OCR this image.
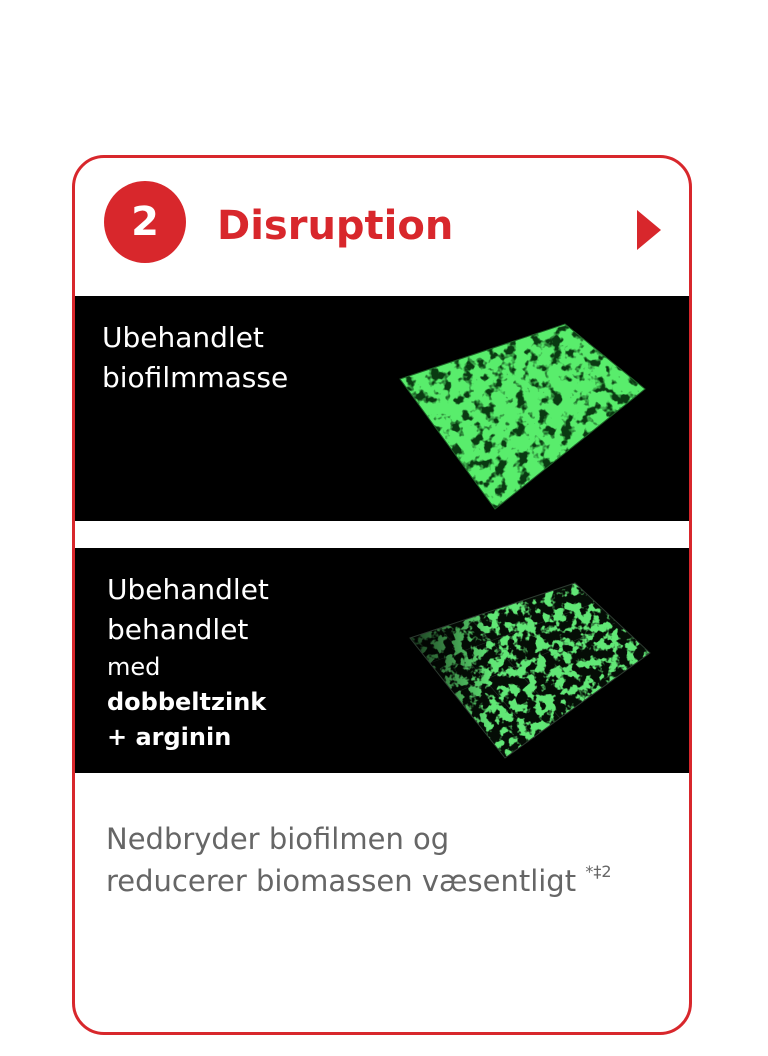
2	Disruption
Ubehandlet
biofilmmasse
Ubehandlet
behandlet
med
dobbeltzink
+ arginin
Nedbryder biofilmen og
reducerer biomassen væsentligt $^{*\ddagger 2}$
